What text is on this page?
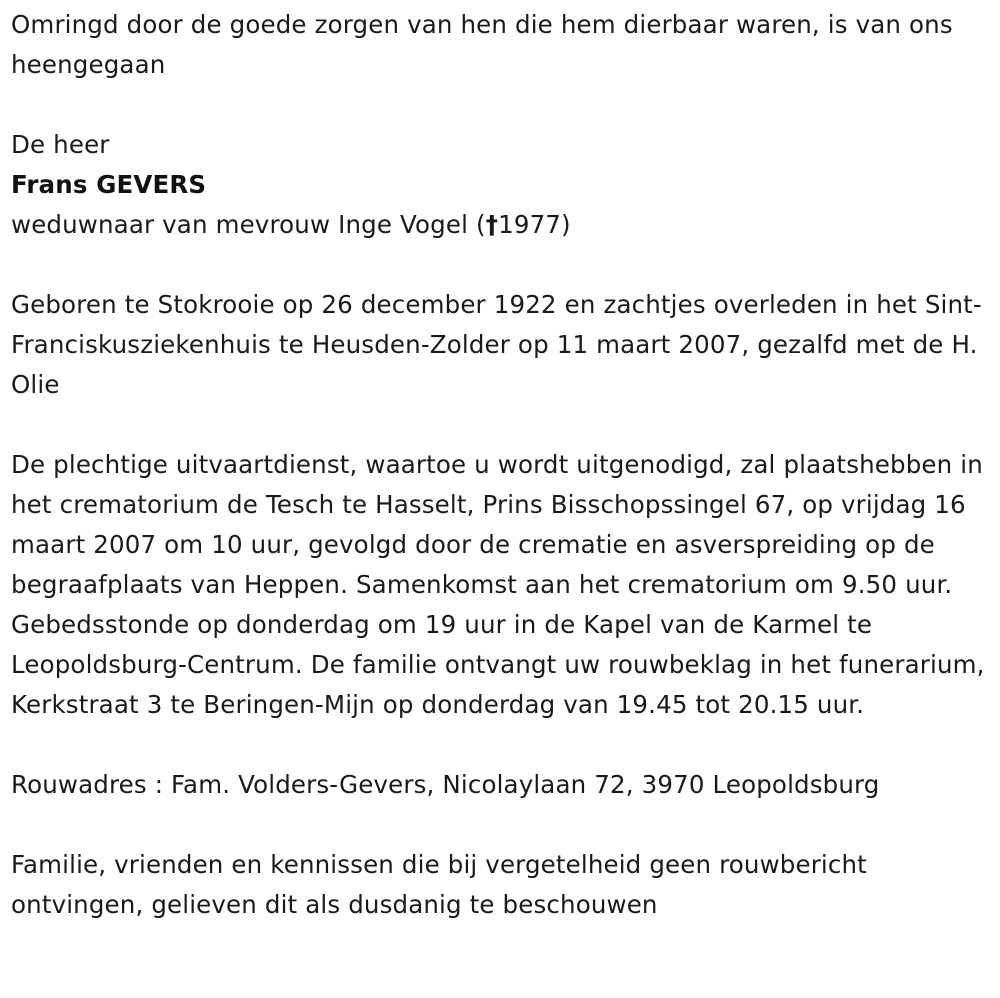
Omringd door de goede zorgen van hen die hem dierbaar waren, is van ons heengegaan

De heer

Frans GEVERS

weduwnaar van mevrouw Inge Vogel (†1977)

Geboren te Stokrooie op 26 december 1922 en zachtjes overleden in het Sint-Franciskusziekenhuis te Heusden-Zolder op 11 maart 2007, gezalfd met de H. Olie

De plechtige uitvaartdienst, waartoe u wordt uitgenodigd, zal plaatshebben in het crematorium de Tesch te Hasselt, Prins Bisschopssingel 67, op vrijdag 16 maart 2007 om 10 uur, gevolgd door de crematie en asverspreiding op de begraafplaats van Heppen. Samenkomst aan het crematorium om 9.50 uur. Gebedsstonde op donderdag om 19 uur in de Kapel van de Karmel te Leopoldsburg-Centrum. De familie ontvangt uw rouwbeklag in het funerarium, Kerkstraat 3 te Beringen-Mijn op donderdag van 19.45 tot 20.15 uur.

Rouwadres : Fam. Volders-Gevers, Nicolaylaan 72, 3970 Leopoldsburg

Familie, vrienden en kennissen die bij vergetelheid geen rouwbericht ontvingen, gelieven dit als dusdanig te beschouwen
